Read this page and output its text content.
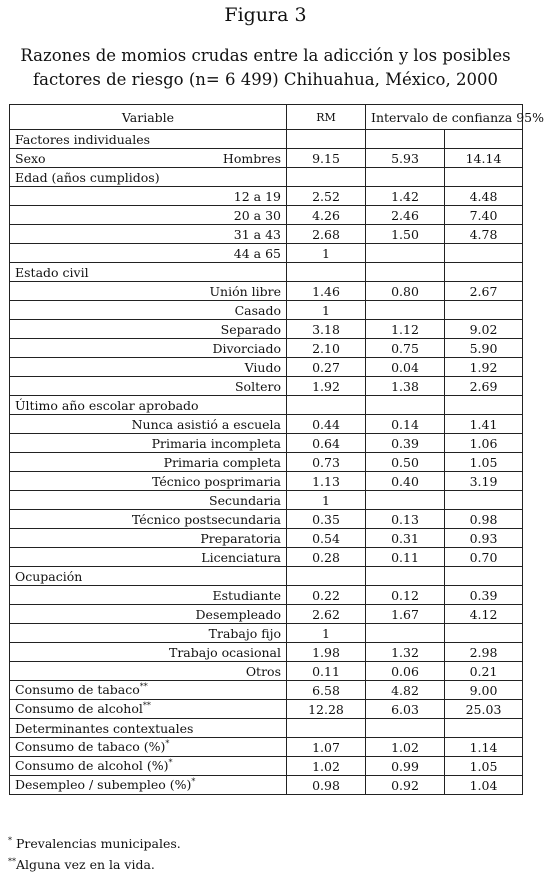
Figura 3
Razones de momios crudas entre la adicción y los posibles factores de riesgo (n= 6 499) Chihuahua, México, 2000
Variable	RM	Intervalo de confianza 95%	
Factores individuales			

Sexo Hombres	9.15	5.93	14.14
Edad (años cumplidos)			
12 a 19	2.52	1.42	4.48
20 a 30	4.26	2.46	7.40
31 a 43	2.68	1.50	4.78
44 a 65	1		
Estado civil			
Unión libre	1.46	0.80	2.67
Casado	1		
Separado	3.18	1.12	9.02
Divorciado	2.10	0.75	5.90
Viudo	0.27	0.04	1.92
Soltero	1.92	1.38	2.69
Último año escolar aprobado			
Nunca asistió a escuela	0.44	0.14	1.41
Primaria incompleta	0.64	0.39	1.06
Primaria completa	0.73	0.50	1.05
Técnico posprimaria	1.13	0.40	3.19
Secundaria	1		
Técnico postsecundaria	0.35	0.13	0.98
Preparatoria	0.54	0.31	0.93
Licenciatura	0.28	0.11	0.70
Ocupación			
Estudiante	0.22	0.12	0.39
Desempleado	2.62	1.67	4.12
Trabajo fijo	1		
Trabajo ocasional	1.98	1.32	2.98
Otros	0.11	0.06	0.21
Consumo de tabaco**	6.58	4.82	9.00
Consumo de alcohol**	12.28	6.03	25.03
Determinantes contextuales			
Consumo de tabaco (%)*	1.07	1.02	1.14
Consumo de alcohol (%)*	1.02	0.99	1.05
Desempleo / subempleo (%)*	0.98	0.92	1.04
* Prevalencias municipales.
**Alguna vez en la vida.
